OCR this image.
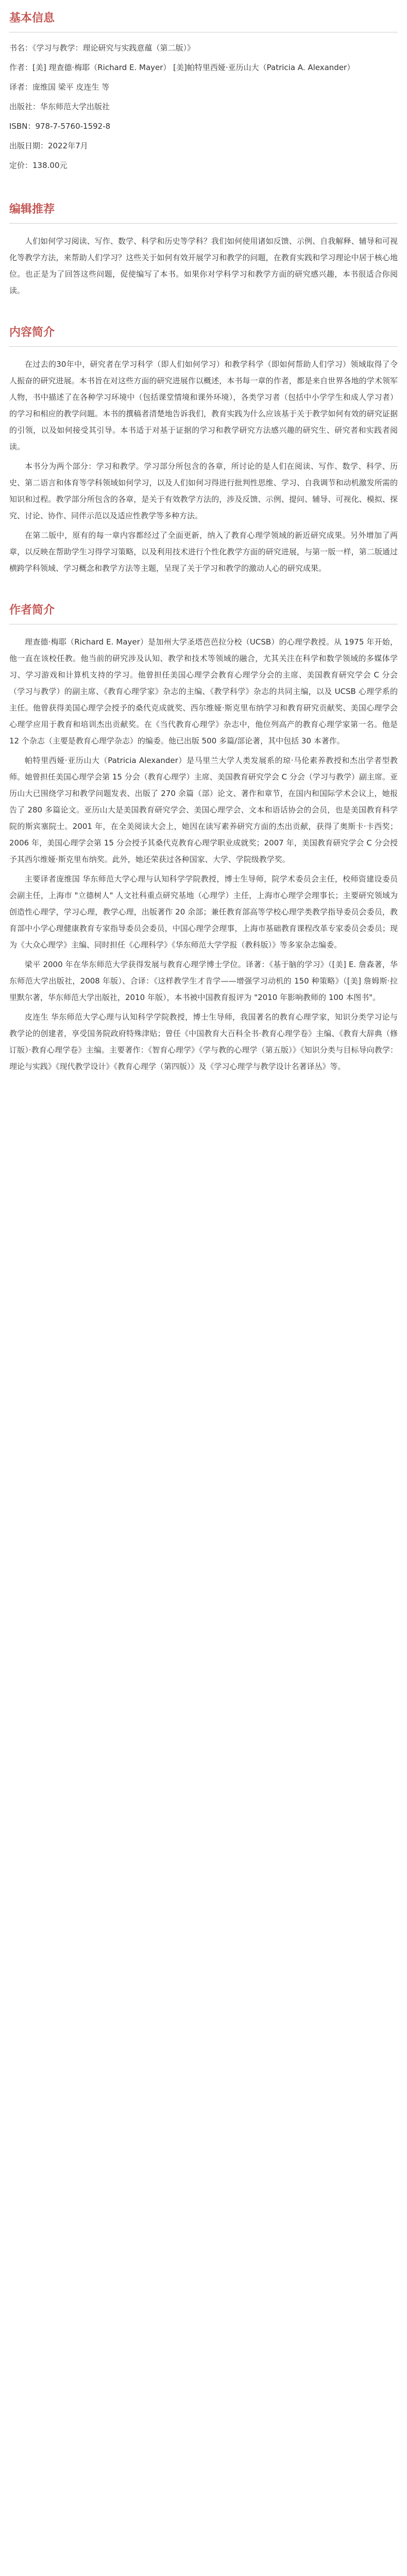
基本信息

书名：《学习与教学：理论研究与实践意蕴（第二版）》

作者：[美] 理查德·梅耶（Richard E. Mayer） [美]帕特里西娅·亚历山大（Patricia A. Alexander）

译者：庞维国 梁平 皮连生 等

出版社：华东师范大学出版社

ISBN：978-7-5760-1592-8

出版日期：2022年7月

定价：138.00元

编辑推荐

人们如何学习阅读、写作、数学、科学和历史等学科？我们如何使用诸如反馈、示例、自我解释、辅导和可视化等教学方法，来帮助人们学习？这些关于如何有效开展学习和教学的问题，在教育实践和学习理论中居于核心地位。也正是为了回答这些问题，促使编写了本书。如果你对学科学习和教学方面的研究感兴趣，本书很适合你阅读。

内容简介

在过去的30年中，研究者在学习科学（即人们如何学习）和教学科学（即如何帮助人们学习）领域取得了令人振奋的研究进展。本书旨在对这些方面的研究进展作以概述，本书每一章的作者，都是来自世界各地的学术领军人物，书中描述了在各种学习环境中（包括课堂情境和课外环境），各类学习者（包括中小学学生和成人学习者）的学习和相应的教学问题。本书的撰稿者清楚地告诉我们，教育实践为什么应该基于关于教学如何有效的研究证据的引领，以及如何接受其引导。本书适于对基于证据的学习和教学研究方法感兴趣的研究生、研究者和实践者阅读。

本书分为两个部分：学习和教学。学习部分所包含的各章，所讨论的是人们在阅读、写作、数学、科学、历史、第二语言和体育等学科领域如何学习，以及人们如何习得进行批判性思维、学习、自我调节和动机激发所需的知识和过程。教学部分所包含的各章，是关于有效教学方法的，涉及反馈、示例、提问、辅导、可视化、模拟、探究、讨论、协作、同伴示范以及适应性教学等多种方法。

在第二版中，原有的每一章内容都经过了全面更新，纳入了教育心理学领域的新近研究成果。另外增加了两章，以反映在帮助学生习得学习策略，以及利用技术进行个性化教学方面的研究进展，与第一版一样，第二版通过横跨学科领域、学习概念和教学方法等主题，呈现了关于学习和教学的激动人心的研究成果。

作者简介

理查德·梅耶（Richard E. Mayer）是加州大学圣塔芭芭拉分校（UCSB）的心理学教授。从 1975 年开始，他一直在该校任教。他当前的研究涉及认知、教学和技术等领域的融合，尤其关注在科学和数学领域的多媒体学习、学习游戏和计算机支持的学习。他曾担任美国心理学会教育心理学分会的主席、美国教育研究学会 C 分会（学习与教学）的副主席、《教育心理学家》杂志的主编、《教学科学》杂志的共同主编，以及 UCSB 心理学系的主任。他曾获得美国心理学会授予的桑代克成就奖、西尔维娅·斯克里布纳学习和教育研究贡献奖、美国心理学会心理学应用于教育和培训杰出贡献奖。在《当代教育心理学》杂志中，他位列高产的教育心理学家第一名。他是 12 个杂志（主要是教育心理学杂志）的编委。他已出版 500 多篇/部论著，其中包括 30 本著作。

帕特里西娅·亚历山大（Patricia Alexander）是马里兰大学人类发展系的琼·马伦素养教授和杰出学者型教师。她曾担任美国心理学会第 15 分会（教育心理学）主席、美国教育研究学会 C 分会（学习与教学）副主席。亚历山大已围绕学习和教学问题发表、出版了 270 余篇（部）论文、著作和章节，在国内和国际学术会议上，她报告了 280 多篇论文。亚历山大是美国教育研究学会、美国心理学会、文本和语话协会的会员，也是美国教育科学院的斯宾塞院士。2001 年，在全美阅读大会上，她因在读写素养研究方面的杰出贡献，获得了奥斯卡·卡西奖；2006 年，美国心理学会第 15 分会授予其桑代克教育心理学职业成就奖；2007 年，美国教育研究学会 C 分会授予其西尔维娅·斯克里布纳奖。此外，她还荣获过各种国家、大学、学院级教学奖。

主要译者庞维国 华东师范大学心理与认知科学学院教授，博士生导师，院学术委员会主任，校师资建设委员会副主任，上海市 "立德树人" 人文社科重点研究基地（心理学）主任，上海市心理学会理事长；主要研究领域为创造性心理学，学习心理，教学心理，出版著作 20 余部；兼任教育部高等学校心理学类教学指导委员会委员，教育部中小学心理健康教育专家指导委员会委员，中国心理学会理事，上海市基础教育课程改革专家委员会委员；现为《大众心理学》主编、同时担任《心理科学》《华东师范大学学报（教科版）》等多家杂志编委。

梁平 2000 年在华东师范大学获得发展与教育心理学博士学位。译著：《基于脑的学习》（[美] E. 詹森著，华东师范大学出版社，2008 年版）、合译：《这样教学生才肯学——增强学习动机的 150 种策略》（[美] 詹姆斯·拉里默尔著，华东师范大学出版社，2010 年版），本书被中国教育报评为 "2010 年影响教师的 100 本图书"。

皮连生 华东师范大学心理与认知科学学院教授，博士生导师，我国著名的教育心理学家，知识分类学习论与教学论的创建者，享受国务院政府特殊津贴；曾任《中国教育大百科全书·教育心理学卷》主编、《教育大辞典（修订版）·教育心理学卷》主编。主要著作：《智育心理学》《学与教的心理学（第五版）》《知识分类与目标导向教学：理论与实践》《现代教学设计》《教育心理学（第四版）》及《学习心理学与教学设计名著译丛》等。
